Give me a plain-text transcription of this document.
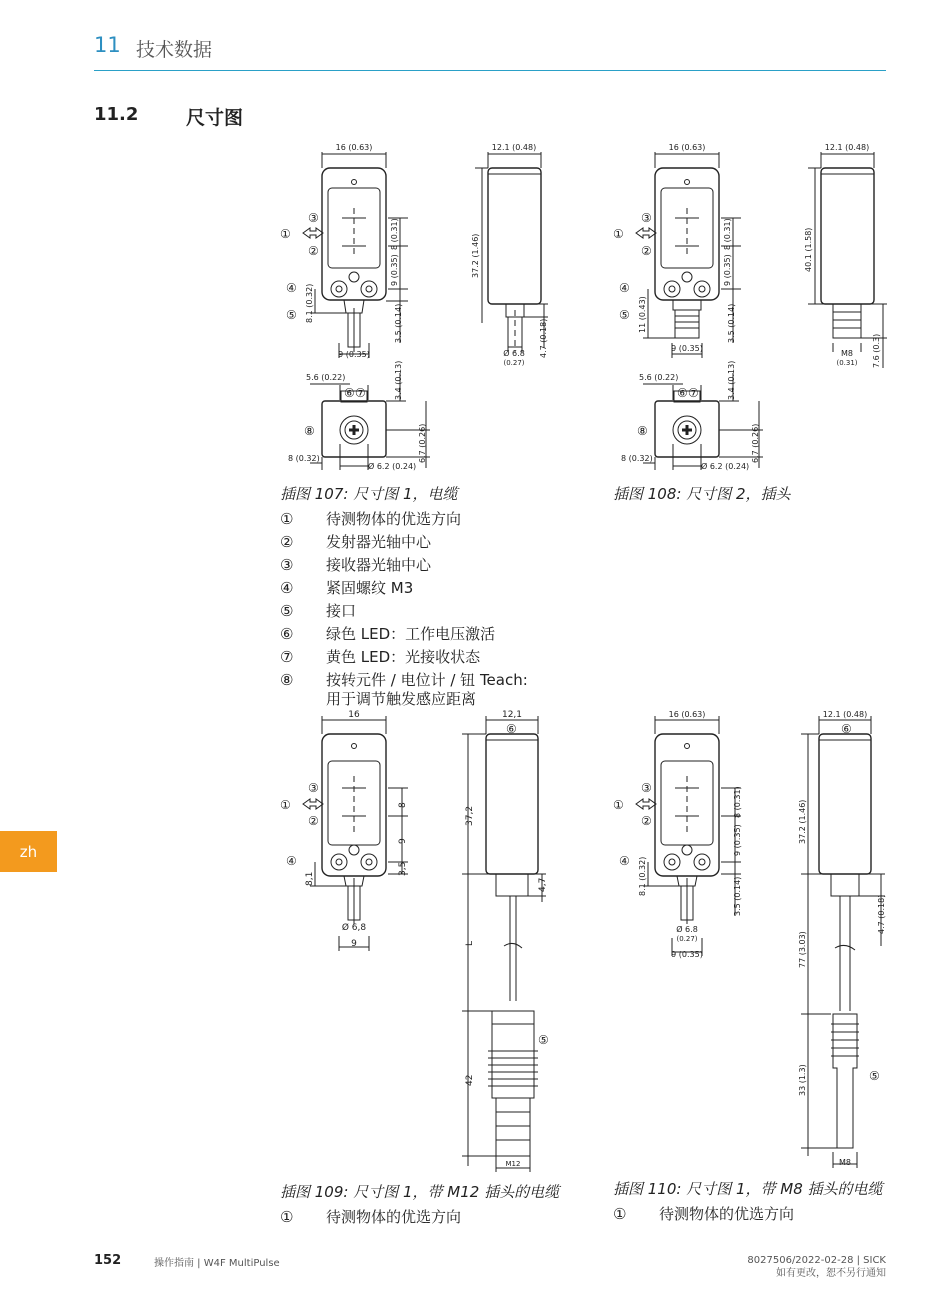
11 技术数据
11.2	尺寸图
zh
16 (0.63)	12.1 (0.48)
37.2 (1.46)
8 (0.31)
9 (0.35)
8.1 (0.32)
3.5 (0.14)
9 (0.35)	4.7 (0.18)
Ø 6.8
(0.27)
5.6 (0.22)	3.4 (0.13)
8 (0.32)
Ø 6.2 (0.24)
6.7 (0.26)
③
①
②
④
⑤
⑥ ⑦
⑧
插图 107: 尺寸图 1，电缆
16 (0.63)	12.1 (0.48)
40.1 (1.58)
8 (0.31)
9 (0.35)
11 (0.43)	3.5 (0.14)
9 (0.35)
M8
(0.31) 7.6 (0.3)
5.6 (0.22)	3.4 (0.13)
8 (0.32)
Ø 6.2 (0.24)
6.7 (0.26)
③
①
②
④
⑤
⑥ ⑦
⑧
插图 108: 尺寸图 2，插头
①	待测物体的优选方向
②	发射器光轴中心
③	接收器光轴中心
④	紧固螺纹 M3
⑤	接口
⑥	绿色 LED：工作电压激活
⑦	黄色 LED：光接收状态
⑧	按转元件 / 电位计 / 钮 Teach:
用于调节触发感应距离
16	12,1
37,2
8
9
3,5
8,1
Ø 6,8
9
4,7
L
42
M12
③
①
②
④
⑥
⑤
插图 109: 尺寸图 1，带 M12 插头的电缆
①	待测物体的优选方向
16 (0.63)	12.1 (0.48)
37.2 (1.46)
8 (0.31)
9 (0.35)
8.1 (0.32)
3.5 (0.14)
Ø 6.8
(0.27)
9 (0.35)
4.7 (0.18)
77 (3.03)
33 (1.3)
M8
③
①
②
④
⑥
⑤
插图 110: 尺寸图 1，带 M8 插头的电缆
①	待测物体的优选方向
152	操作指南 | W4F MultiPulse	8027506/2022-02-28 | SICK
如有更改，恕不另行通知
